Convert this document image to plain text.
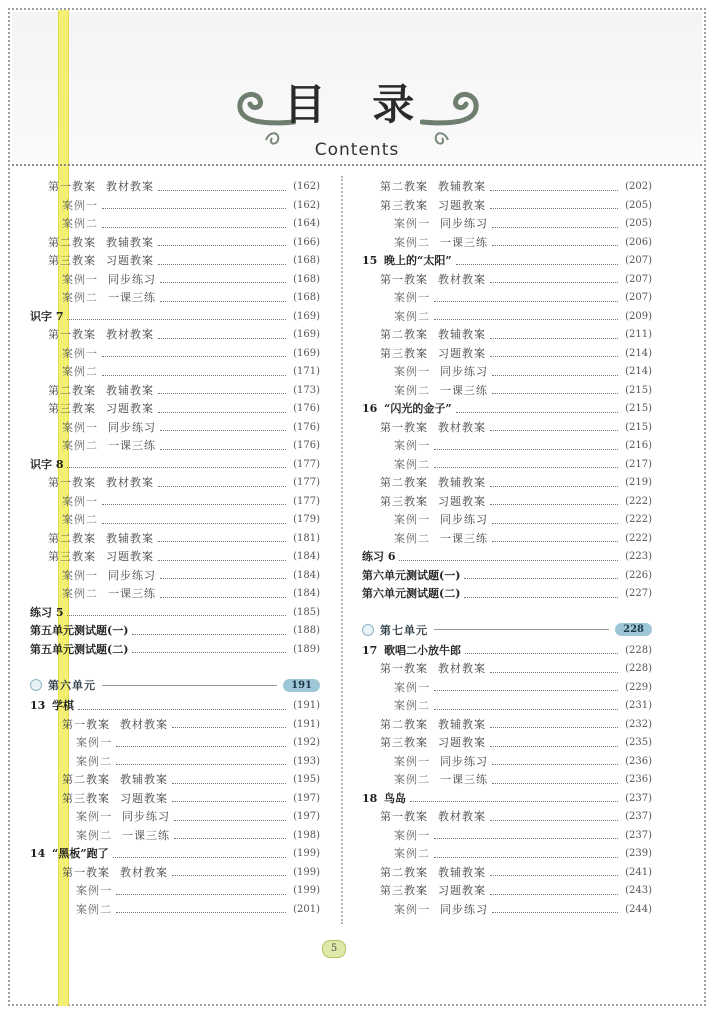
目 录
Contents
第一教案 教材教案	(162)
案例一	(162)
案例二	(164)
第二教案 教辅教案	(166)
第三教案 习题教案	(168)
案例一 同步练习	(168)
案例二 一课三练	(168)
识字 7	(169)
第一教案 教材教案	(169)
案例一	(169)
案例二	(171)
第二教案 教辅教案	(173)
第三教案 习题教案	(176)
案例一 同步练习	(176)
案例二 一课三练	(176)
识字 8	(177)
第一教案 教材教案	(177)
案例一	(177)
案例二	(179)
第二教案 教辅教案	(181)
第三教案 习题教案	(184)
案例一 同步练习	(184)
案例二 一课三练	(184)
练习 5	(185)
第五单元测试题(一)	(188)
第五单元测试题(二)	(189)
第六单元	191
13 学棋	(191)
第一教案 教材教案	(191)
案例一	(192)
案例二	(193)
第二教案 教辅教案	(195)
第三教案 习题教案	(197)
案例一 同步练习	(197)
案例二 一课三练	(198)
14 “黑板”跑了	(199)
第一教案 教材教案	(199)
案例一	(199)
案例二	(201)
第二教案 教辅教案	(202)
第三教案 习题教案	(205)
案例一 同步练习	(205)
案例二 一课三练	(206)
15 晚上的“太阳”	(207)
第一教案 教材教案	(207)
案例一	(207)
案例二	(209)
第二教案 教辅教案	(211)
第三教案 习题教案	(214)
案例一 同步练习	(214)
案例二 一课三练	(215)
16 “闪光的金子”	(215)
第一教案 教材教案	(215)
案例一	(216)
案例二	(217)
第二教案 教辅教案	(219)
第三教案 习题教案	(222)
案例一 同步练习	(222)
案例二 一课三练	(222)
练习 6	(223)
第六单元测试题(一)	(226)
第六单元测试题(二)	(227)
第七单元	228
17 歌唱二小放牛郎	(228)
第一教案 教材教案	(228)
案例一	(229)
案例二	(231)
第二教案 教辅教案	(232)
第三教案 习题教案	(235)
案例一 同步练习	(236)
案例二 一课三练	(236)
18 鸟岛	(237)
第一教案 教材教案	(237)
案例一	(237)
案例二	(239)
第二教案 教辅教案	(241)
第三教案 习题教案	(243)
案例一 同步练习	(244)
5
